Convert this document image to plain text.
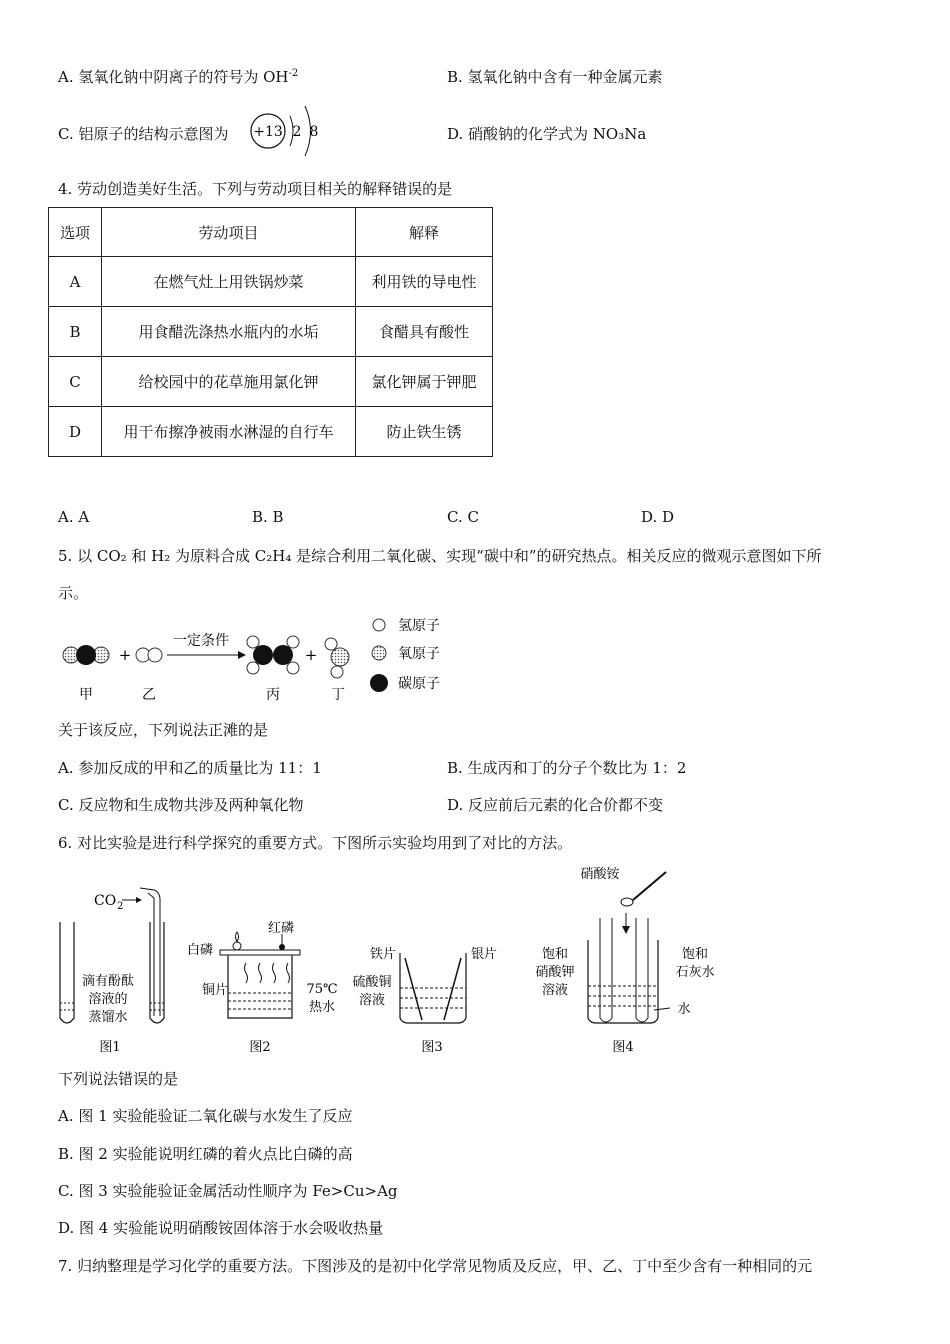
A. 氢氧化钠中阴离子的符号为 $OH^{-2}$	B. 氢氧化钠中含有一种金属元素
C. 铝原子的结构示意图为 +13 2 8	D. 硝酸钠的化学式为 NO₃Na
4. 劳动创造美好生活。下列与劳动项目相关的解释错误的是
选项	劳动项目	解释
A	在燃气灶上用铁锅炒菜	利用铁的导电性
B	用食醋洗涤热水瓶内的水垢	食醋具有酸性
C	给校园中的花草施用氯化钾	氯化钾属于钾肥
D	用干布擦净被雨水淋湿的自行车	防止铁生锈
A. A	B. B	C. C	D. D
5. 以 CO₂ 和 H₂ 为原料合成 C₂H₄ 是综合利用二氧化碳、实现“碳中和”的研究热点。相关反应的微观示意图如下所
示。
+
一定条件
+
甲	乙	丙	丁
氢原子
氧原子
碳原子
关于该反应，下列说法正滩的是
A. 参加反成的甲和乙的质量比为 11：1	B. 生成丙和丁的分子个数比为 1：2
C. 反应物和生成物共涉及两种氧化物	D. 反应前后元素的化合价都不变
6. 对比实验是进行科学探究的重要方式。下图所示实验均用到了对比的方法。
CO 2
滴有酚酞
溶液的
蒸馏水
图1
红磷
白磷
铜片	75℃
热水
图2
铁片	银片
硫酸铜
溶液
图3
硝酸铵
饱和
硝酸钾
溶液
饱和
石灰水
水
图4
下列说法错误的是
A. 图 1 实验能验证二氧化碳与水发生了反应
B. 图 2 实验能说明红磷的着火点比白磷的高
C. 图 3 实验能验证金属活动性顺序为 Fe>Cu>Ag
D. 图 4 实验能说明硝酸铵固体溶于水会吸收热量
7. 归纳整理是学习化学的重要方法。下图涉及的是初中化学常见物质及反应，甲、乙、丁中至少含有一种相同的元
